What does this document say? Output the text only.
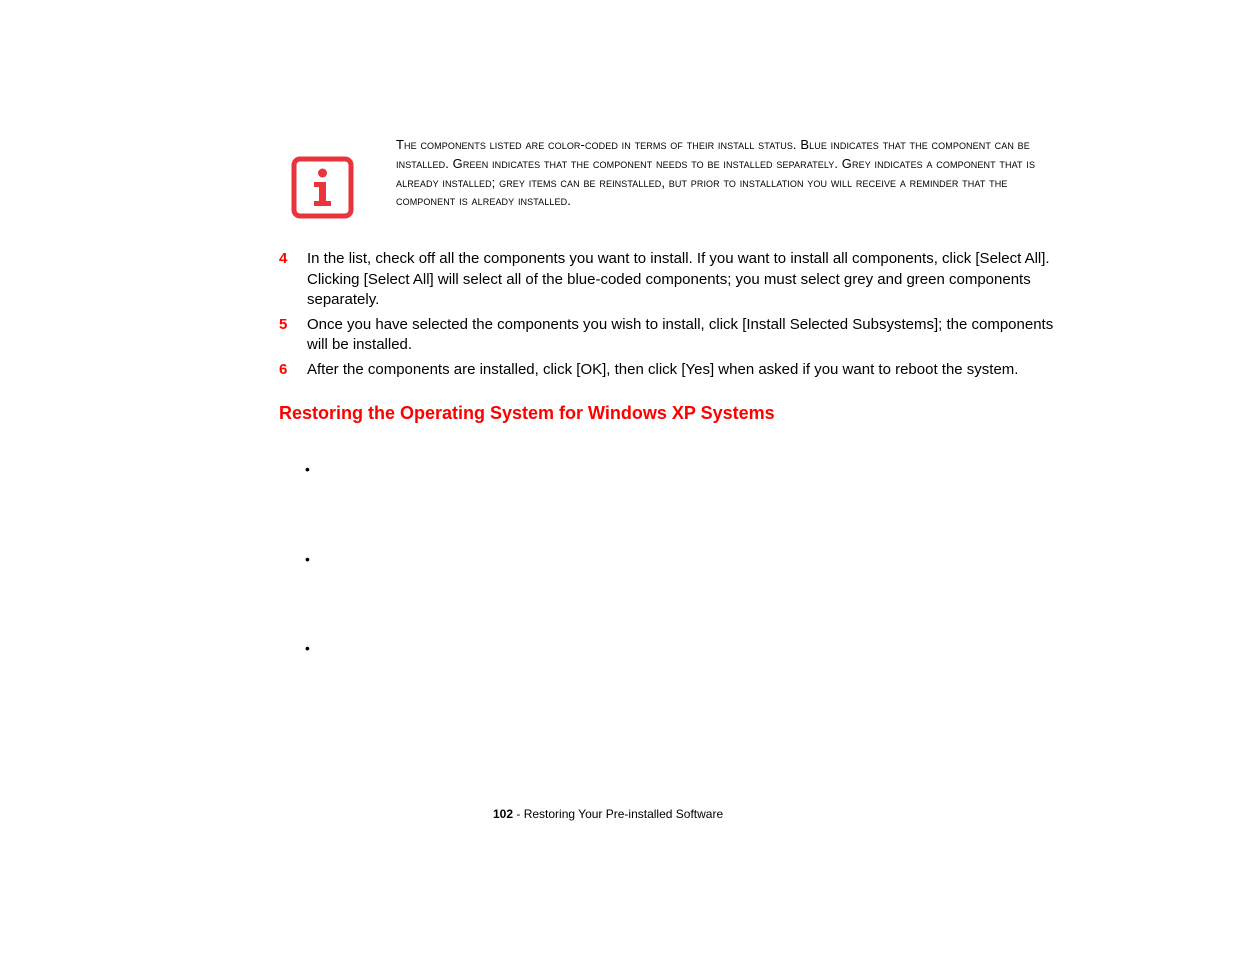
The components listed are color-coded in terms of their install status. Blue indicates that the component can be installed. Green indicates that the component needs to be installed separately. Grey indicates a component that is already installed; grey items can be reinstalled, but prior to installation you will receive a reminder that the component is already installed.
4 In the list, check off all the components you want to install. If you want to install all components, click [Select All]. Clicking [Select All] will select all of the blue-coded components; you must select grey and green components separately.
5 Once you have selected the components you wish to install, click [Install Selected Subsystems]; the components will be installed.
6 After the components are installed, click [OK], then click [Yes] when asked if you want to reboot the system.
Restoring the Operating System for Windows XP Systems
•
•
•
102 - Restoring Your Pre-installed Software
